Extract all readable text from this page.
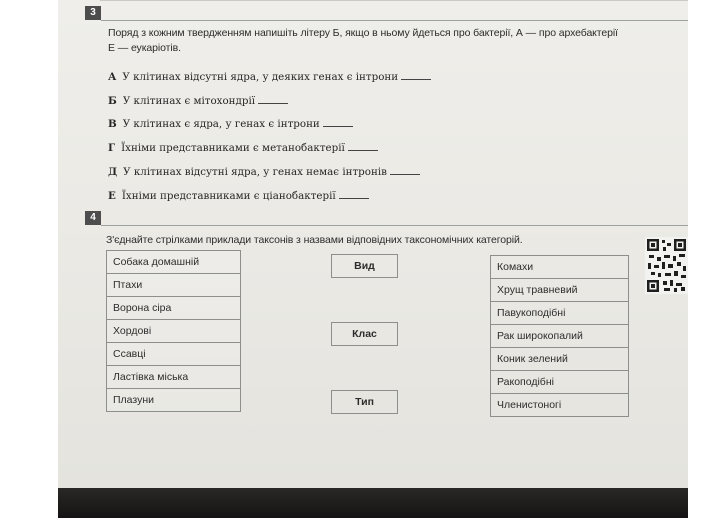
3
Поряд з кожним твердженням напишіть літеру Б, якщо в ньому йдеться про бактерії, А — про архебактерії
Е — еукаріотів.
А У клітинах відсутні ядра, у деяких генах є інтрони
Б У клітинах є мітохондрії
В У клітинах є ядра, у генах є інтрони
Г Їхніми представниками є метанобактерії
Д У клітинах відсутні ядра, у генах немає інтронів
Е Їхніми представниками є ціанобактерії
4
З'єднайте стрілками приклади таксонів з назвами відповідних таксономічних категорій.
Собака домашній
Птахи
Ворона сіра
Хордові
Ссавці
Ластівка міська
Плазуни
Вид
Клас
Тип
Комахи
Хрущ травневий
Павукоподібні
Рак широкопалий
Коник зелений
Ракоподібні
Членистоногі
